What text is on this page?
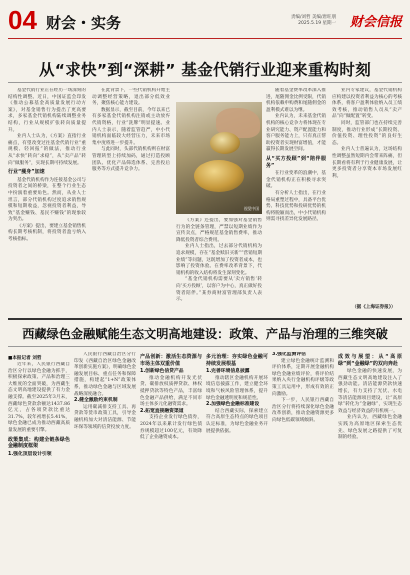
04 财会・实务	责编/刘哲 美编/唐旺朋
2025.5.19 星期一 财会信报
从“求快”到“深耕” 基金代销行业迎来重构时刻

基金代销行业正在经历一场深刻的结构性调整。近日，中国证监会印发《推动公募基金高质量发展行动方案》，对基金销售行为提出了更高要求，多家基金代销机构陆续调整业务结构，行业从规模扩张转向质量提升。

业内人士认为，《方案》直指行业痛点，有望改变过往基金代销行业“重规模、轻回报”的做法，推动行业从“求快”转向“求稳”，从“卖产品”转向“做服务”，实现长期可持续发展。

行业“瘦身”加速

基金代销机构作为连接基金公司与投资者之间的桥梁，在整个行业生态中扮演着重要角色。然而，从业人士坦言，部分代销机构过度追求销售规模和短期收益，忽视投资者利益，导致“基金赚钱、基民不赚钱”的现象较为突出。

《方案》提出，要建立基金销售机构长期考核机制，将投资者盈亏纳入考核指标。

在此背景下，一些代销机构开始主动调整经营策略，退出部分低效业务，聚焦核心能力建设。

数据显示，截至目前，今年以来已有多家基金代销机构注销或主动放弃代销资格，行业“洗牌”明显提速。业内人士表示，随着监管趋严，中小代销机构面临较大经营压力，未来市场集中度将进一步提升。

与此同时，头部代销机构则在财富管理转型上持续加码，通过打造投顾团队、优化产品筛选体系、完善投后服务等方式提升竞争力。

视觉中国

《方案》还提出，要加强对基金销售行为的全链条管理，严禁以短期业绩作为宣传卖点，严格规范基金销售费率，推动降低投资者综合费用。

业内人士指出，过去部分代销机构为追求规模，存在“基金赎旧买新”“营销短期业绩”等问题，这既增加了投资者成本，也影响了投资体验。在费率改革背景下，代销机构的收入结构将发生深刻变化。

“基金代销机构需要从‘卖方销售’转向‘买方投顾’，以客户为中心，真正做好投资者陪伴。”某券商财富管理部负责人表示。

随着基金费率改革深入推进，尾随佣金比例受限，代销机构依赖申购费和尾随佣金的盈利模式难以为继。

业内认为，未来基金代销机构的核心竞争力将体现在专业研究能力、资产配置能力和客户服务能力上，只有真正帮助投资者实现财富增值，才能赢得长期发展空间。

从“买方投顾”到“陪伴服务”

在行业变革的浪潮中，基金代销机构正在积极寻求突破。

有分析人士指出，在行业格局重塑过程中，具备平台优势、科技优势和投研优势的机构将脱颖而出，中小代销机构则需寻找差异化发展路径。

业内专家建议，基金代销机构应构建以投资者利益为核心的考核体系，将客户盈利体验纳入员工绩效考核，推动销售人员从“卖产品”向“做配置”转变。

同时，监管部门也在持续完善制度，推动行业形成“长期投资、价值投资、理性投资”的良好生态。

业内人士普遍认为，这场结构性调整虽然短期内会带来阵痛，但长期看将有利于行业健康发展，让更多投资者分享资本市场发展红利。

（据《上海证券报》）
西藏绿色金融赋能生态文明高地建设：政策、产品与治理的三维突破
■本报记者 刘哲

近年来，人民银行西藏自治区分行以绿色金融为抓手，积极探索政策、产品和治理三大维度的全面突破，为西藏生态文明高地建设提供了有力金融支撑。截至2025年3月末，西藏绿色贷款余额达1437.86亿元，占各项贷款比重达31.7%，较年初增长5.41%，绿色金融已成为推动西藏高质量发展的重要引擎。

政策集成：构建全链条绿色金融制度框架

1.强化顶层设计引领

人民银行西藏自治区分行印发《西藏自治区绿色金融改革创新实施方案》，明确绿色金融发展目标、重点任务和保障措施，构建起“1+N”政策体系，推动绿色金融与区域发展战略深度融合。

2.健全激励约束机制

运用碳减排支持工具、再贷款等货币政策工具，引导金融机构加大对清洁能源、节能环保等领域的信贷投放力度。

产品创新：激活生态资源与市场主体双重价值

1.创新绿色信贷产品

推动金融机构开发光伏贷、碳排放权质押贷款、林权抵押贷款等特色产品，丰富绿色金融产品供给，满足不同市场主体多元化融资需求。

2.拓宽直接融资渠道

支持企业发行绿色债券，2024年以来累计发行绿色债券规模超过100亿元，有效降低了企业融资成本。

多元治理：夯实绿色金融可持续发展根基

1.完善环境信息披露

推动辖区金融机构开展环境信息披露工作，建立健全环境和气候风险管理体系，提升绿色金融透明度和规范性。

2.加强绿色金融标准建设

结合西藏实际，探索建立符合高原生态特点的绿色项目认定标准，为绿色金融业务开展提供依据。

3.强化监测评估

建立绿色金融统计监测和评价体系，定期开展金融机构绿色金融业绩评价，将评价结果纳入央行金融机构评级等政策工具运用中，形成有效的正向激励。

下一步，人民银行西藏自治区分行将持续深化绿色金融改革创新，推动金融资源更多向绿色低碳领域倾斜。

成效与展望：从“高原绿”到“金融绿”的双向奔赴

绿色金融的快速发展，为西藏生态文明高地建设注入了强劲动能。清洁能源贷款快速增长，有力支持了光伏、水电等清洁能源项目建设，让“高原绿”转化为“金融绿”，实现生态效益与经济效益的有机统一。

业内认为，西藏绿色金融实践为高原地区探索生态优先、绿色发展之路提供了可复制的经验。
